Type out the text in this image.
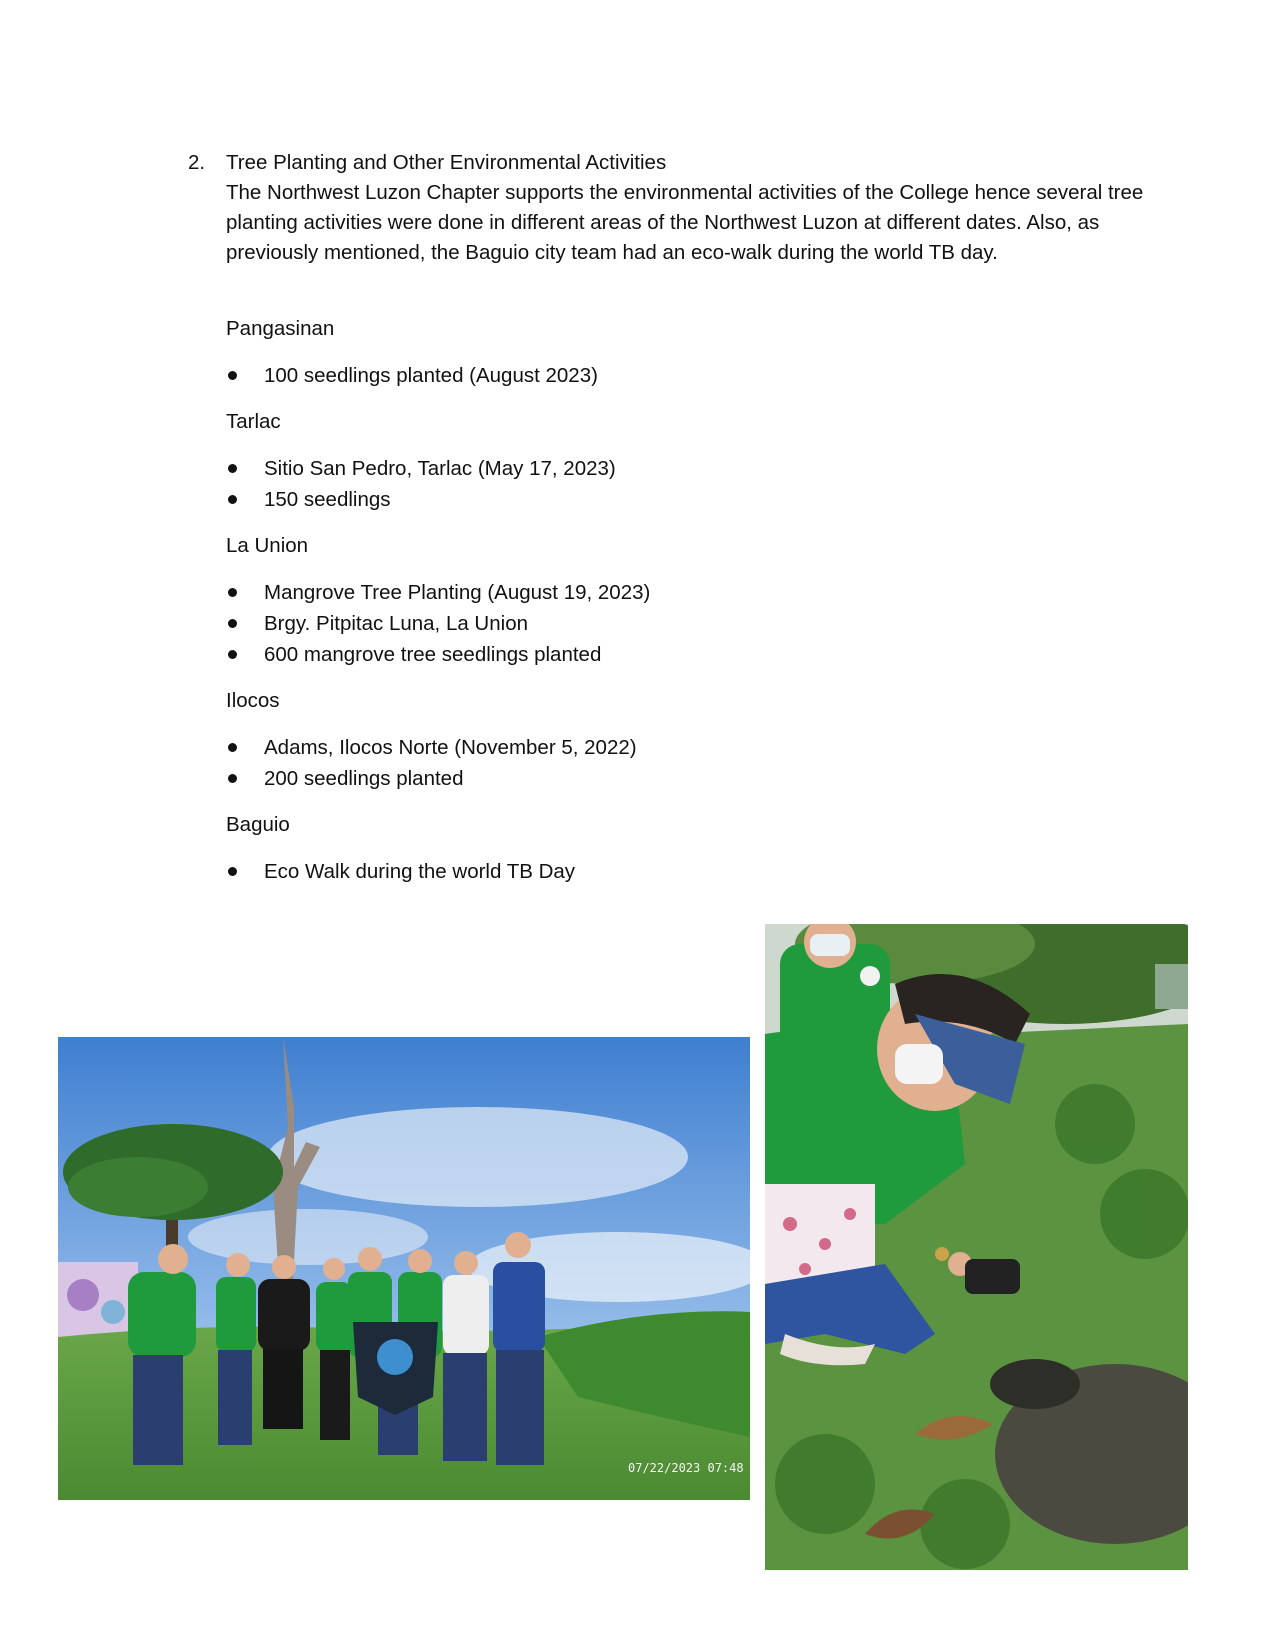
2. Tree Planting and Other Environmental Activities

The Northwest Luzon Chapter supports the environmental activities of the College hence several tree planting activities were done in different areas of the Northwest Luzon at different dates. Also, as previously mentioned, the Baguio city team had an eco-walk during the world TB day.

Pangasinan
100 seedlings planted (August 2023)
Tarlac
Sitio San Pedro, Tarlac (May 17, 2023)
150 seedlings
La Union
Mangrove Tree Planting (August 19, 2023)
Brgy. Pitpitac Luna, La Union
600 mangrove tree seedlings planted
Ilocos
Adams, Ilocos Norte (November 5, 2022)
200 seedlings planted
Baguio
Eco Walk during the world TB Day
07/22/2023 07:48
